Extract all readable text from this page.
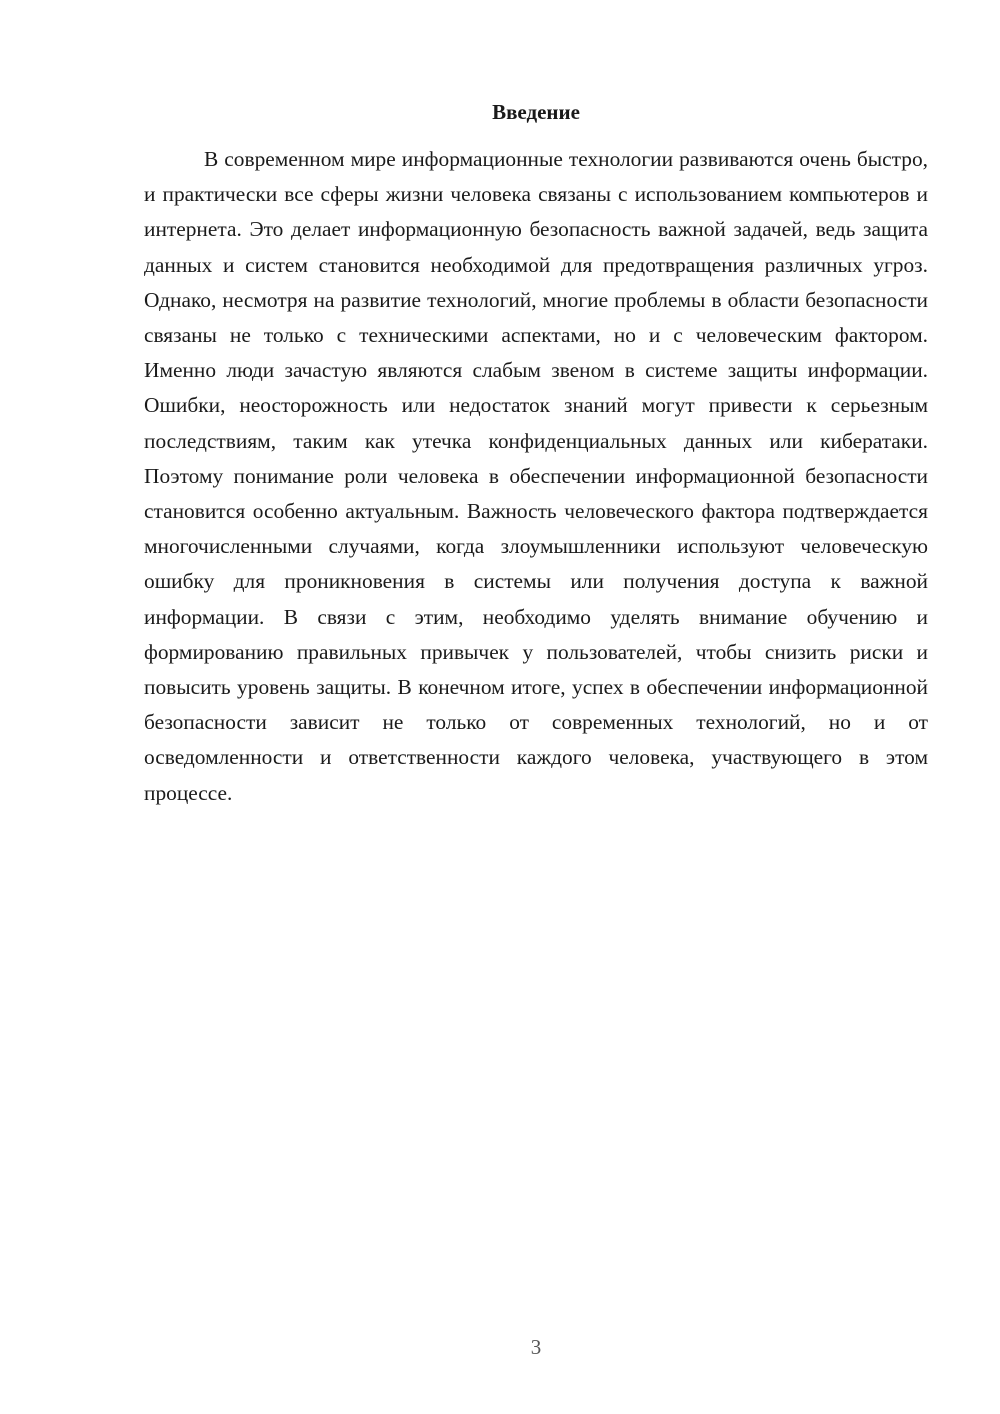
Введение

В современном мире информационные технологии развиваются очень быстро, и практически все сферы жизни человека связаны с использованием компьютеров и интернета. Это делает информационную безопасность важной задачей, ведь защита данных и систем становится необходимой для предотвращения различных угроз. Однако, несмотря на развитие технологий, многие проблемы в области безопасности связаны не только с техническими аспектами, но и с человеческим фактором. Именно люди зачастую являются слабым звеном в системе защиты информации. Ошибки, неосторожность или недостаток знаний могут привести к серьезным последствиям, таким как утечка конфиденциальных данных или кибератаки. Поэтому понимание роли человека в обеспечении информационной безопасности становится особенно актуальным. Важность человеческого фактора подтверждается многочисленными случаями, когда злоумышленники используют человеческую ошибку для проникновения в системы или получения доступа к важной информации. В связи с этим, необходимо уделять внимание обучению и формированию правильных привычек у пользователей, чтобы снизить риски и повысить уровень защиты. В конечном итоге, успех в обеспечении информационной безопасности зависит не только от современных технологий, но и от осведомленности и ответственности каждого человека, участвующего в этом процессе.

3
